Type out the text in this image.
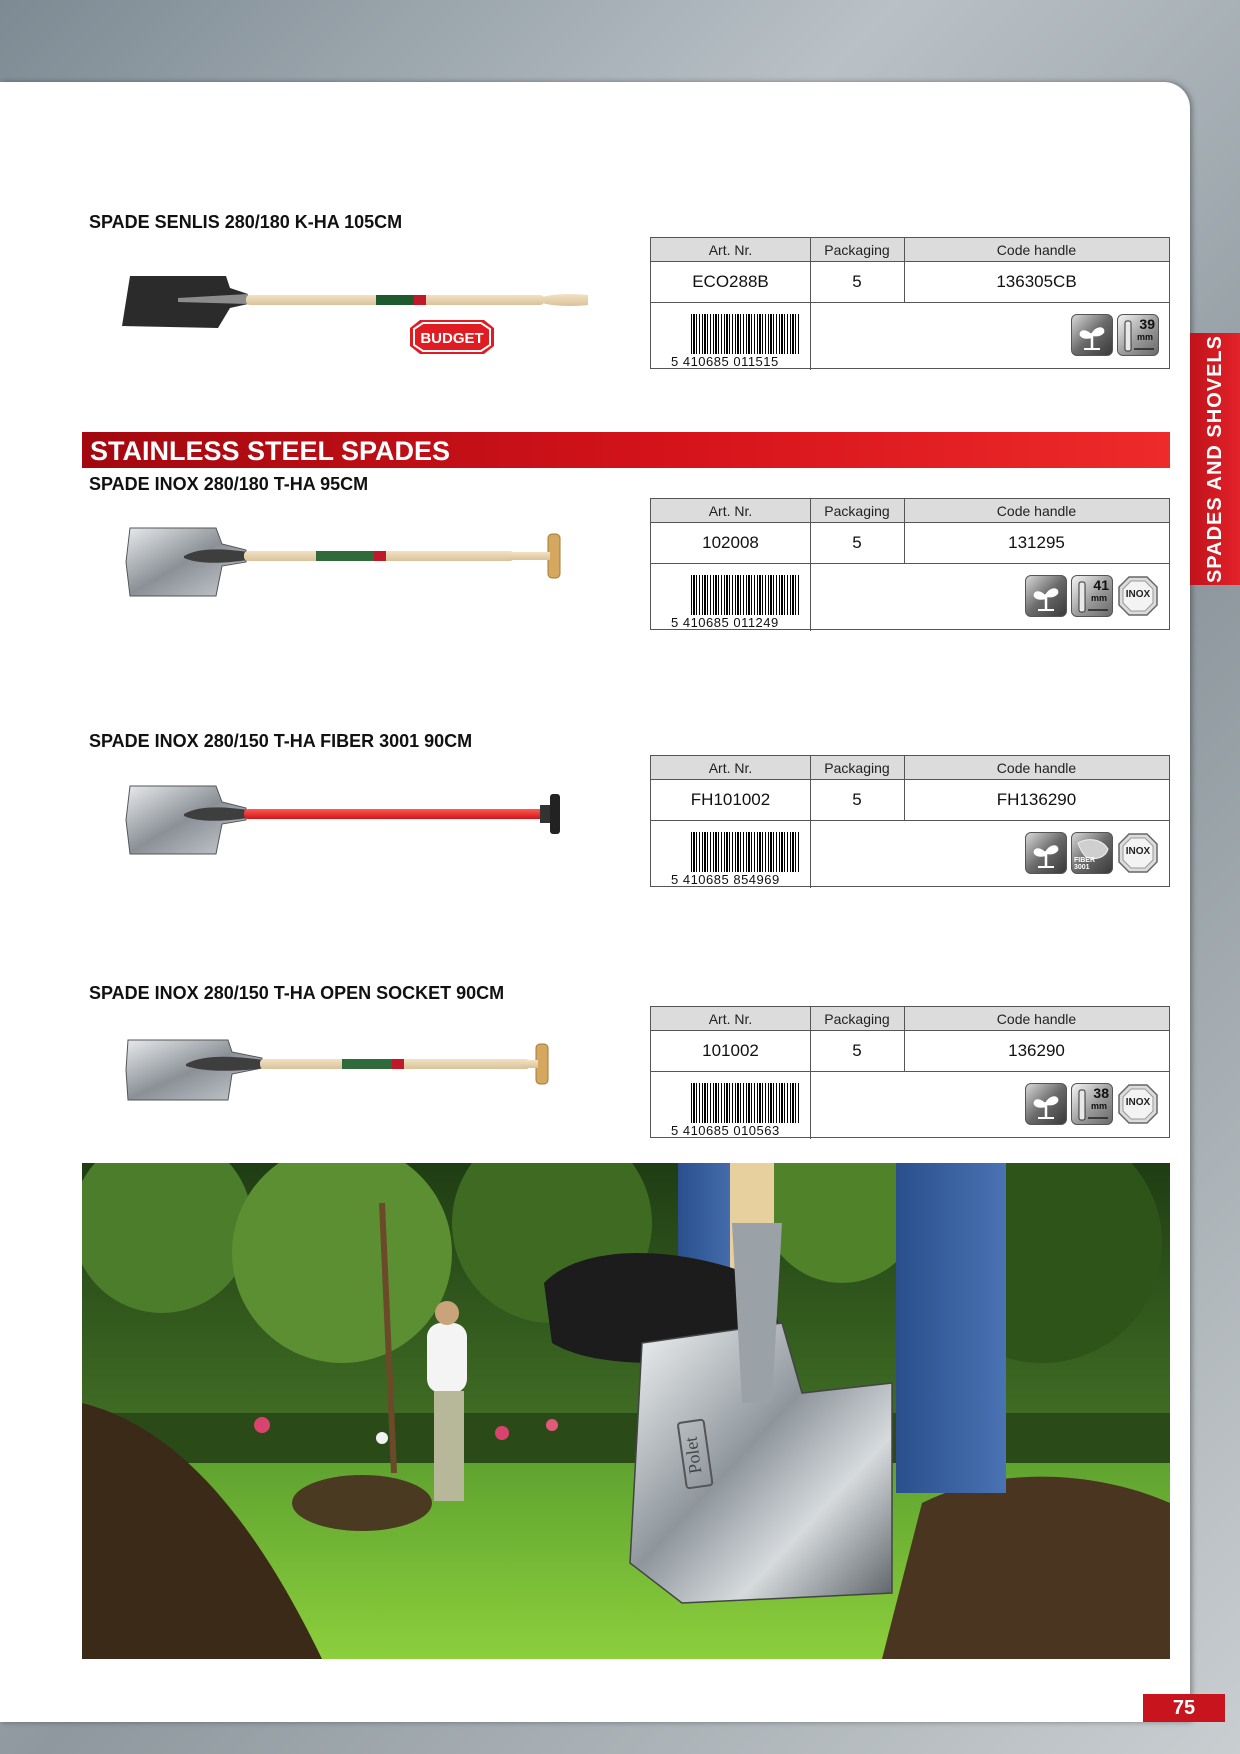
SPADES AND SHOVELS
SPADE SENLIS 280/180 K-HA 105CM
BUDGET
Art. Nr.	Packaging	Code handle
ECO288B	5	136305CB
5 410685 011515
39
mm
STAINLESS STEEL SPADES
SPADE INOX 280/180 T-HA 95CM
Art. Nr.	Packaging	Code handle
102008	5	131295
5 410685 011249
41
mm	INOX
SPADE INOX 280/150 T-HA FIBER 3001 90CM
Art. Nr.	Packaging	Code handle
FH101002	5	FH136290
5 410685 854969
FIBER 3001
INOX
SPADE INOX 280/150 T-HA OPEN SOCKET 90CM
Art. Nr.	Packaging	Code handle
101002	5	136290
5 410685 010563
38
mm	INOX
Polet
75
